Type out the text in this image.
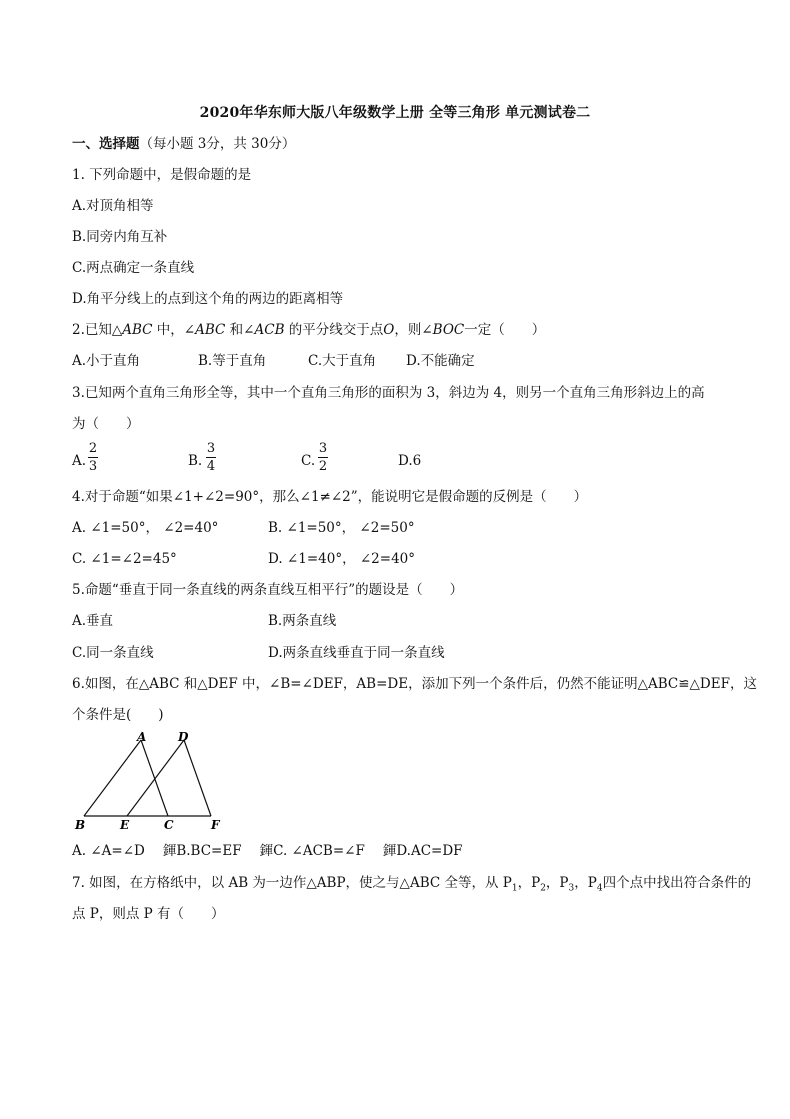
2020年华东师大版八年级数学上册 全等三角形 单元测试卷二
一、选择题（每小题 3分，共 30分）
1. 下列命题中，是假命题的是
A.对顶角相等
B.同旁内角互补
C.两点确定一条直线
D.角平分线上的点到这个角的两边的距离相等
2.已知△ABC 中，∠ABC 和∠ACB 的平分线交于点O，则∠BOC一定（　　）
A.小于直角	B.等于直角	C.大于直角 D.不能确定
3.已知两个直角三角形全等，其中一个直角三角形的面积为 3，斜边为 4，则另一个直角三角形斜边上的高
为（　　）
A.
2
3	B.
3
4	C.
3
2	D.6
4.对于命题“如果∠1+∠2=90°，那么∠1≠∠2”，能说明它是假命题的反例是（　　）
A. ∠1=50°， ∠2=40°	B. ∠1=50°， ∠2=50°
C. ∠1=∠2=45°	D. ∠1=40°， ∠2=40°
5.命题“垂直于同一条直线的两条直线互相平行”的题设是（　　）
A.垂直	B.两条直线
C.同一条直线	D.两条直线垂直于同一条直线
6.如图，在△ABC 和△DEF 中，∠B=∠DEF，AB=DE，添加下列一个条件后，仍然不能证明△ABC≌△DEF，这
个条件是(　　)
A	D
B	E	C	F
A. ∠A=∠D 鍕B.BC=EF 鍕C. ∠ACB=∠F 鍕D.AC=DF
7. 如图，在方格纸中，以 AB 为一边作△ABP，使之与△ABC 全等，从 $P_1$，$P_2$，$P_3$，$P_4$四个点中找出符合条件的
点 P，则点 P 有（　　）
